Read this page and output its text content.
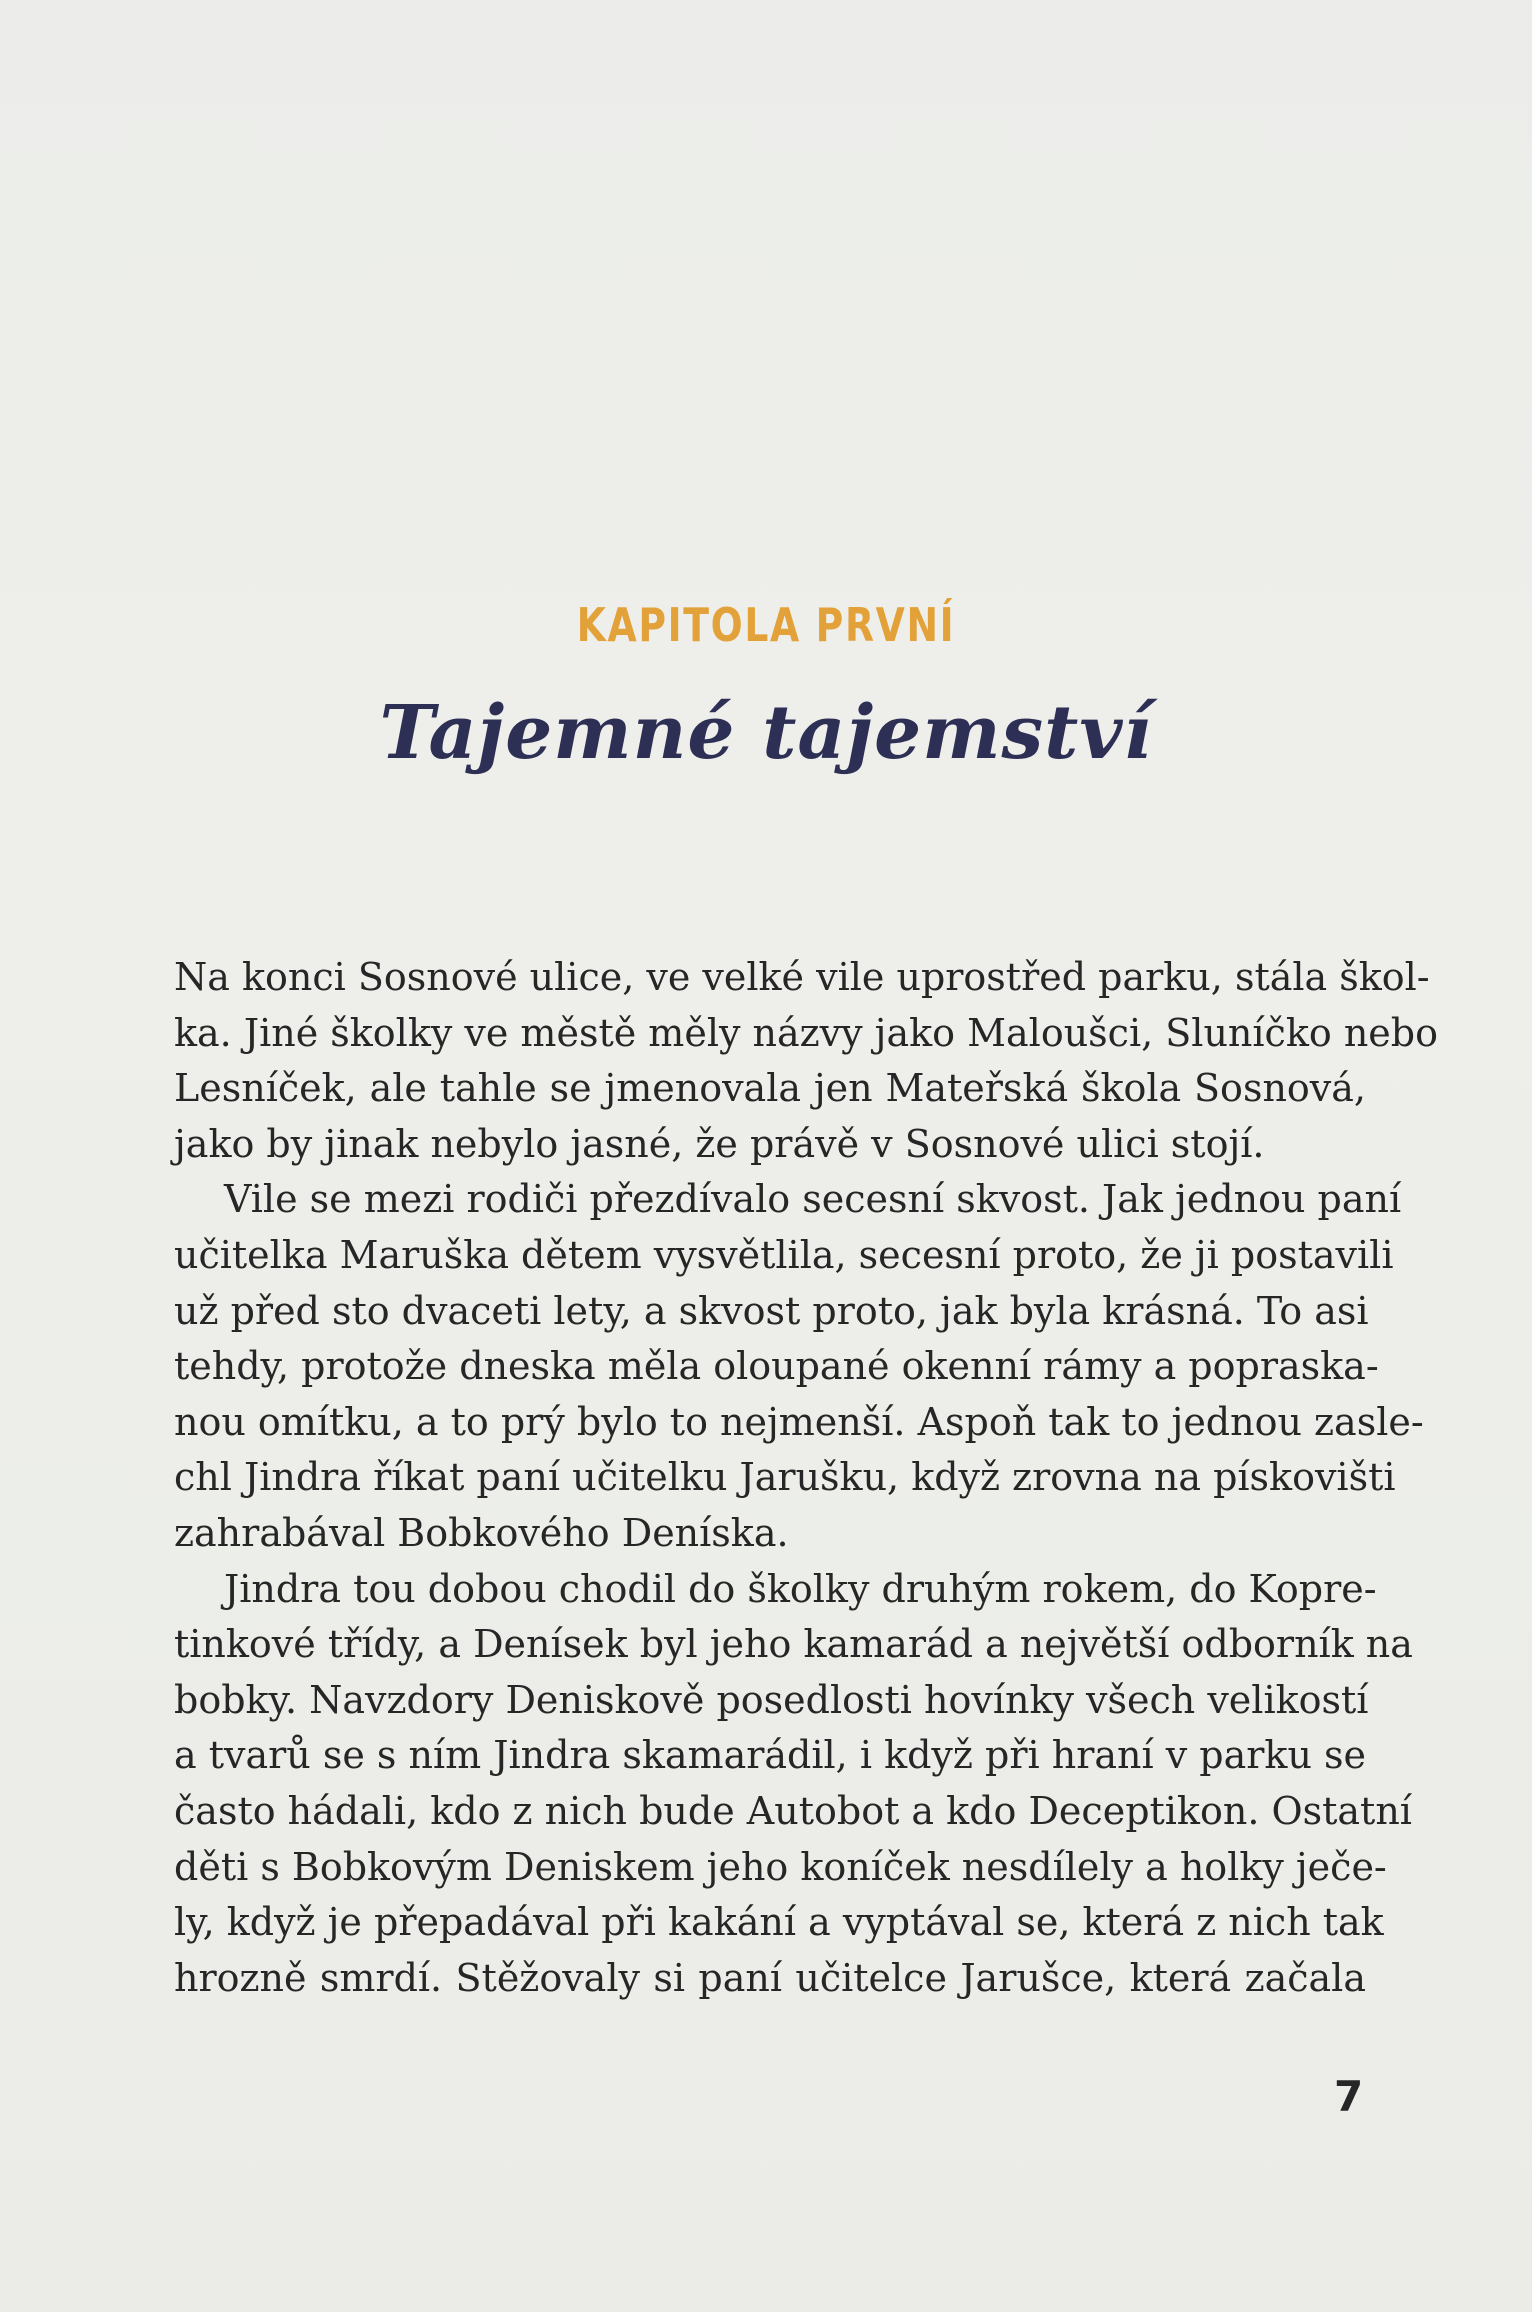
KAPITOLA PRVNÍ
Tajemné tajemství
Na konci Sosnové ulice, ve velké vile uprostřed parku, stála škol-
ka. Jiné školky ve městě měly názvy jako Maloušci, Sluníčko nebo
Lesníček, ale tahle se jmenovala jen Mateřská škola Sosnová,
jako by jinak nebylo jasné, že právě v Sosnové ulici stojí.
Vile se mezi rodiči přezdívalo secesní skvost. Jak jednou paní
učitelka Maruška dětem vysvětlila, secesní proto, že ji postavili
už před sto dvaceti lety, a skvost proto, jak byla krásná. To asi
tehdy, protože dneska měla oloupané okenní rámy a popraska-
nou omítku, a to prý bylo to nejmenší. Aspoň tak to jednou zasle-
chl Jindra říkat paní učitelku Jarušku, když zrovna na pískovišti
zahrabával Bobkového Deníska.
Jindra tou dobou chodil do školky druhým rokem, do Kopre-
tinkové třídy, a Denísek byl jeho kamarád a největší odborník na
bobky. Navzdory Deniskově posedlosti hovínky všech velikostí
a tvarů se s ním Jindra skamarádil, i když při hraní v parku se
často hádali, kdo z nich bude Autobot a kdo Deceptikon. Ostatní
děti s Bobkovým Deniskem jeho koníček nesdílely a holky ječe-
ly, když je přepadával při kakání a vyptával se, která z nich tak
hrozně smrdí. Stěžovaly si paní učitelce Jarušce, která začala
7
